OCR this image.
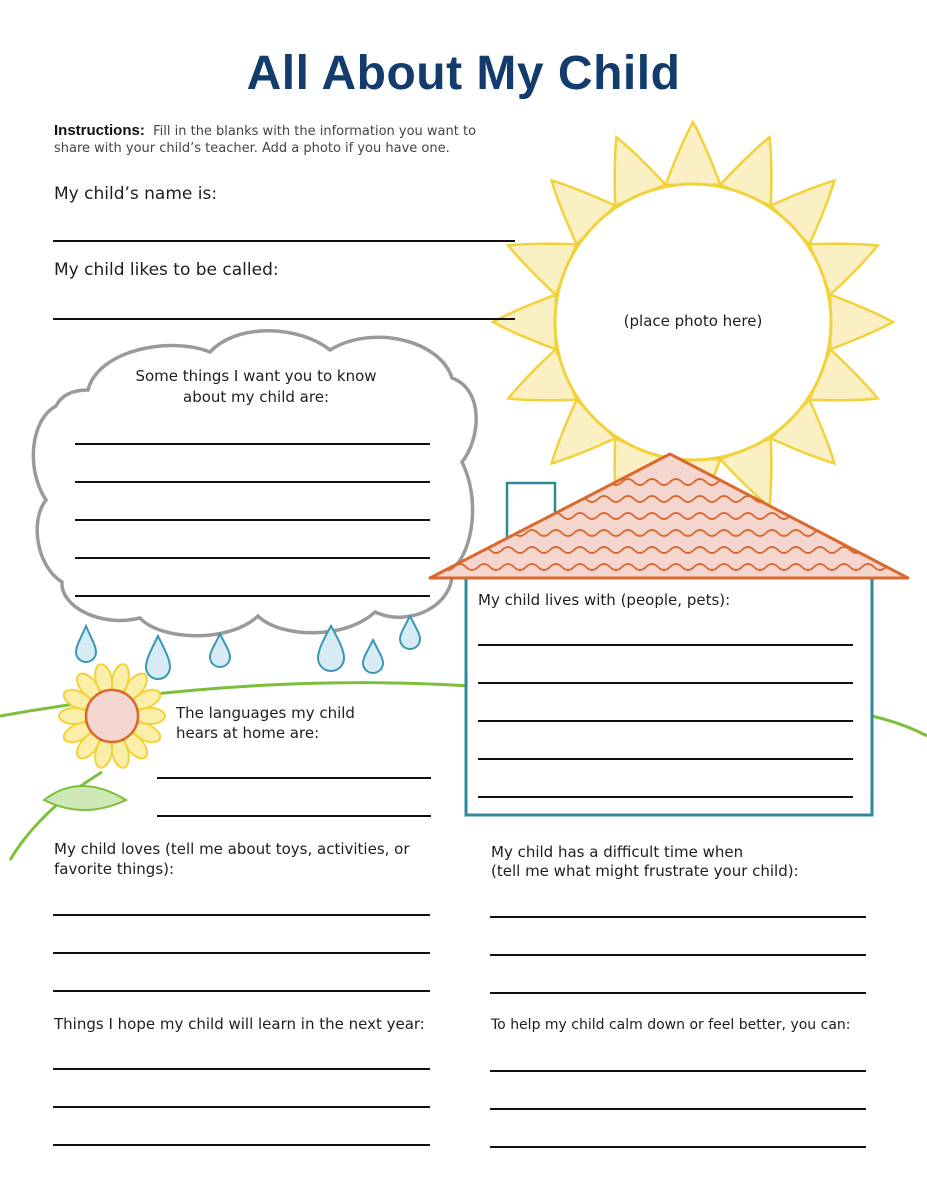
All About My Child
Instructions: Fill in the blanks with the information you want to
share with your child’s teacher. Add a photo if you have one.
My child’s name is:
My child likes to be called:
(place photo here)
Some things I want you to know
about my child are:
My child lives with (people, pets):
The languages my child
hears at home are:
My child loves (tell me about toys, activities, or
favorite things):
My child has a difficult time when
(tell me what might frustrate your child):
Things I hope my child will learn in the next year:	To help my child calm down or feel better, you can:
